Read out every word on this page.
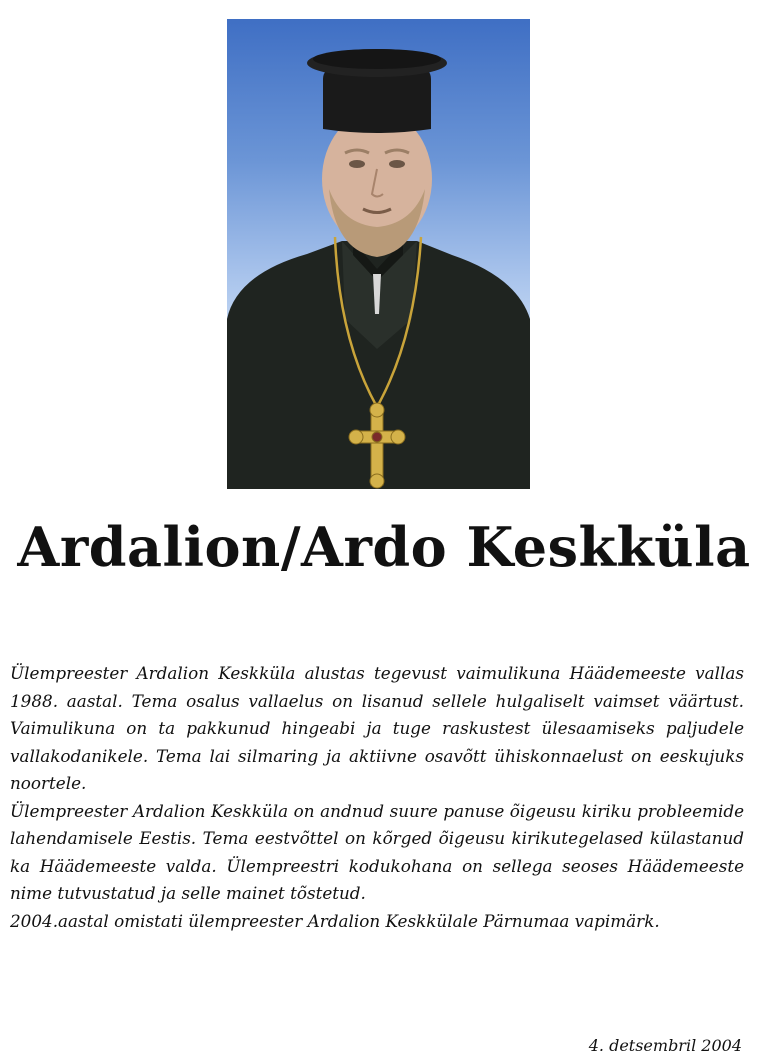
Ardalion/Ardo Keskküla

Ülempreester Ardalion Keskküla alustas tegevust vaimulikuna Häädemeeste vallas 1988. aastal. Tema osalus vallaelus on lisanud sellele hulgaliselt vaimset väärtust. Vaimulikuna on ta pakkunud hingeabi ja tuge raskustest ülesaamiseks paljudele vallakodanikele. Tema lai silmaring ja aktiivne osavõtt ühiskonnaelust on eeskujuks noortele.

Ülempreester Ardalion Keskküla on andnud suure panuse õigeusu kiriku probleemide lahendamisele Eestis. Tema eestvõttel on kõrged õigeusu kirikutegelased külastanud ka Häädemeeste valda. Ülempreestri kodukohana on sellega seoses Häädemeeste nime tutvustatud ja selle mainet tõstetud.

2004.aastal omistati ülempreester Ardalion Keskkülale Pärnumaa vapimärk.

4. detsembril 2004
